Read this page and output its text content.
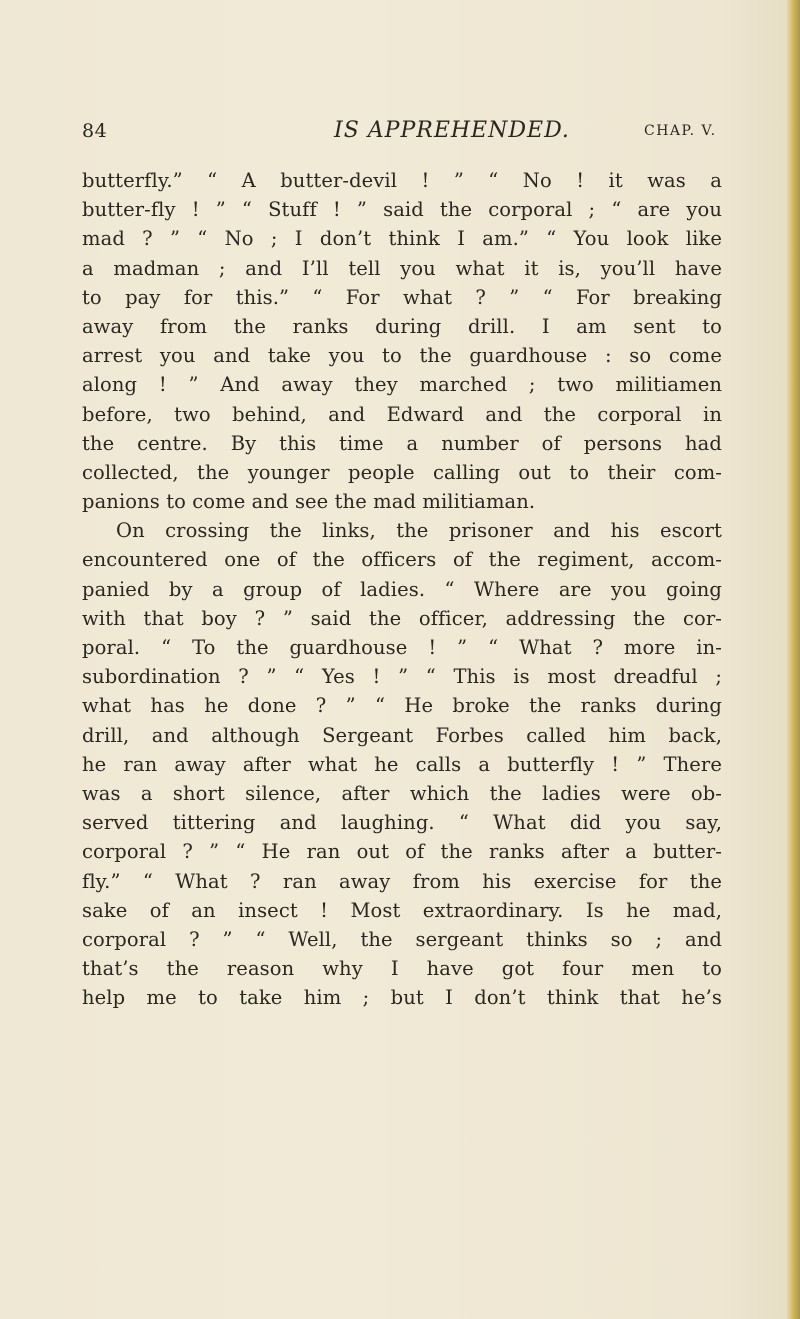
84	IS APPREHENDED.	CHAP. V.
butterfly.” “ A butter-devil ! ” “ No ! it was a
butter-fly ! ” “ Stuff ! ” said the corporal ; “ are you
mad ? ” “ No ; I don’t think I am.” “ You look like
a madman ; and I’ll tell you what it is, you’ll have
to pay for this.” “ For what ? ” “ For breaking
away from the ranks during drill. I am sent to
arrest you and take you to the guardhouse : so come
along ! ” And away they marched ; two militiamen
before, two behind, and Edward and the corporal in
the centre. By this time a number of persons had
collected, the younger people calling out to their com-
panions to come and see the mad militiaman.
On crossing the links, the prisoner and his escort
encountered one of the officers of the regiment, accom-
panied by a group of ladies. “ Where are you going
with that boy ? ” said the officer, addressing the cor-
poral. “ To the guardhouse ! ” “ What ? more in-
subordination ? ” “ Yes ! ” “ This is most dreadful ;
what has he done ? ” “ He broke the ranks during
drill, and although Sergeant Forbes called him back,
he ran away after what he calls a butterfly ! ” There
was a short silence, after which the ladies were ob-
served tittering and laughing. “ What did you say,
corporal ? ” “ He ran out of the ranks after a butter-
fly.” “ What ? ran away from his exercise for the
sake of an insect ! Most extraordinary. Is he mad,
corporal ? ” “ Well, the sergeant thinks so ; and
that’s the reason why I have got four men to
help me to take him ; but I don’t think that he’s
